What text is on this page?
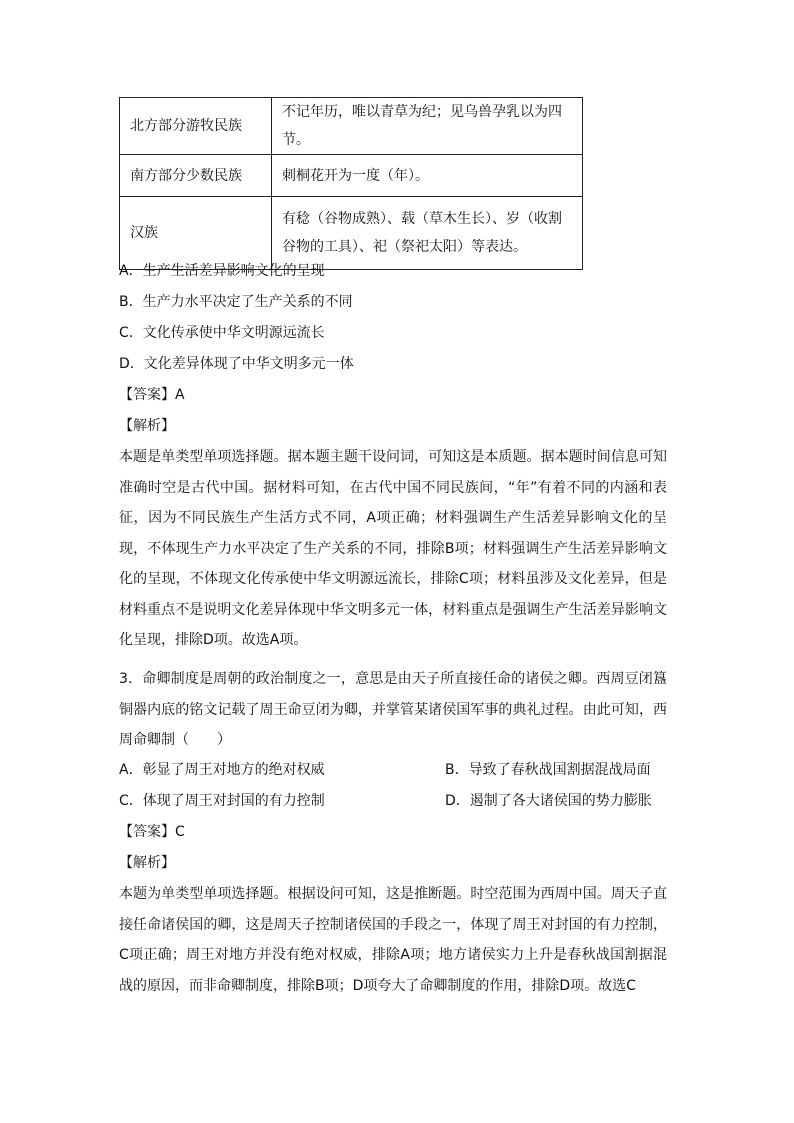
北方部分游牧民族	不记年历，唯以青草为纪；见乌兽孕乳以为四节。
南方部分少数民族	刺桐花开为一度（年）。
汉族	有稔（谷物成熟）、载（草木生长）、岁（收割谷物的工具）、祀（祭祀太阳）等表达。
A．生产生活差异影响文化的呈现
B．生产力水平决定了生产关系的不同
C．文化传承使中华文明源远流长
D．文化差异体现了中华文明多元一体
【答案】A
【解析】
本题是单类型单项选择题。据本题主题干设问词，可知这是本质题。据本题时间信息可知准确时空是古代中国。据材料可知，在古代中国不同民族间，“年”有着不同的内涵和表征，因为不同民族生产生活方式不同，A项正确；材料强调生产生活差异影响文化的呈现，不体现生产力水平决定了生产关系的不同，排除B项；材料强调生产生活差异影响文化的呈现，不体现文化传承使中华文明源远流长，排除C项；材料虽涉及文化差异，但是材料重点不是说明文化差异体现中华文明多元一体，材料重点是强调生产生活差异影响文化呈现，排除D项。故选A项。
3．命卿制度是周朝的政治制度之一，意思是由天子所直接任命的诸侯之卿。西周豆闭簋铜器内底的铭文记载了周王命豆闭为卿，并掌管某诸侯国军事的典礼过程。由此可知，西周命卿制（　　）
A．彰显了周王对地方的绝对权威	B．导致了春秋战国割据混战局面
C．体现了周王对封国的有力控制	D．遏制了各大诸侯国的势力膨胀
【答案】C
【解析】
本题为单类型单项选择题。根据设问可知，这是推断题。时空范围为西周中国。周天子直接任命诸侯国的卿，这是周天子控制诸侯国的手段之一，体现了周王对封国的有力控制，C项正确；周王对地方并没有绝对权威，排除A项；地方诸侯实力上升是春秋战国割据混战的原因，而非命卿制度，排除B项；D项夸大了命卿制度的作用，排除D项。故选C
